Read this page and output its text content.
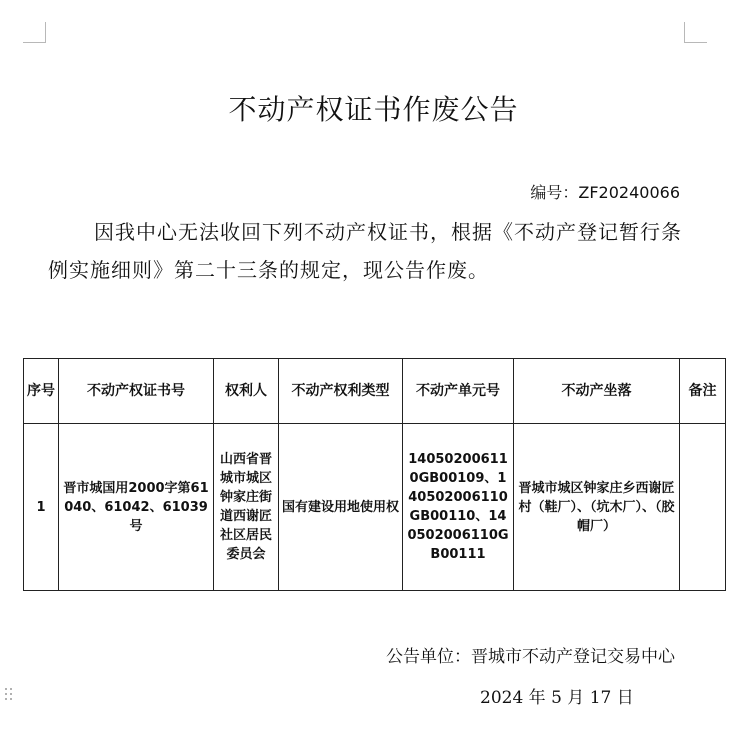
不动产权证书作废公告
编号：ZF20240066
因我中心无法收回下列不动产权证书，根据《不动产登记暂行条例实施细则》第二十三条的规定，现公告作废。
序号	不动产权证书号	权利人	不动产权利类型	不动产单元号	不动产坐落	备注
1	晋市城国用2000字第61040、61042、61039号	山西省晋城市城区钟家庄街道西谢匠社区居民委员会	国有建设用地使用权	140502006110GB00109、140502006110GB00110、140502006110GB00111	晋城市城区钟家庄乡西谢匠村（鞋厂）、（坑木厂）、（胶帽厂）	
公告单位：晋城市不动产登记交易中心
2024 年 5 月 17 日
